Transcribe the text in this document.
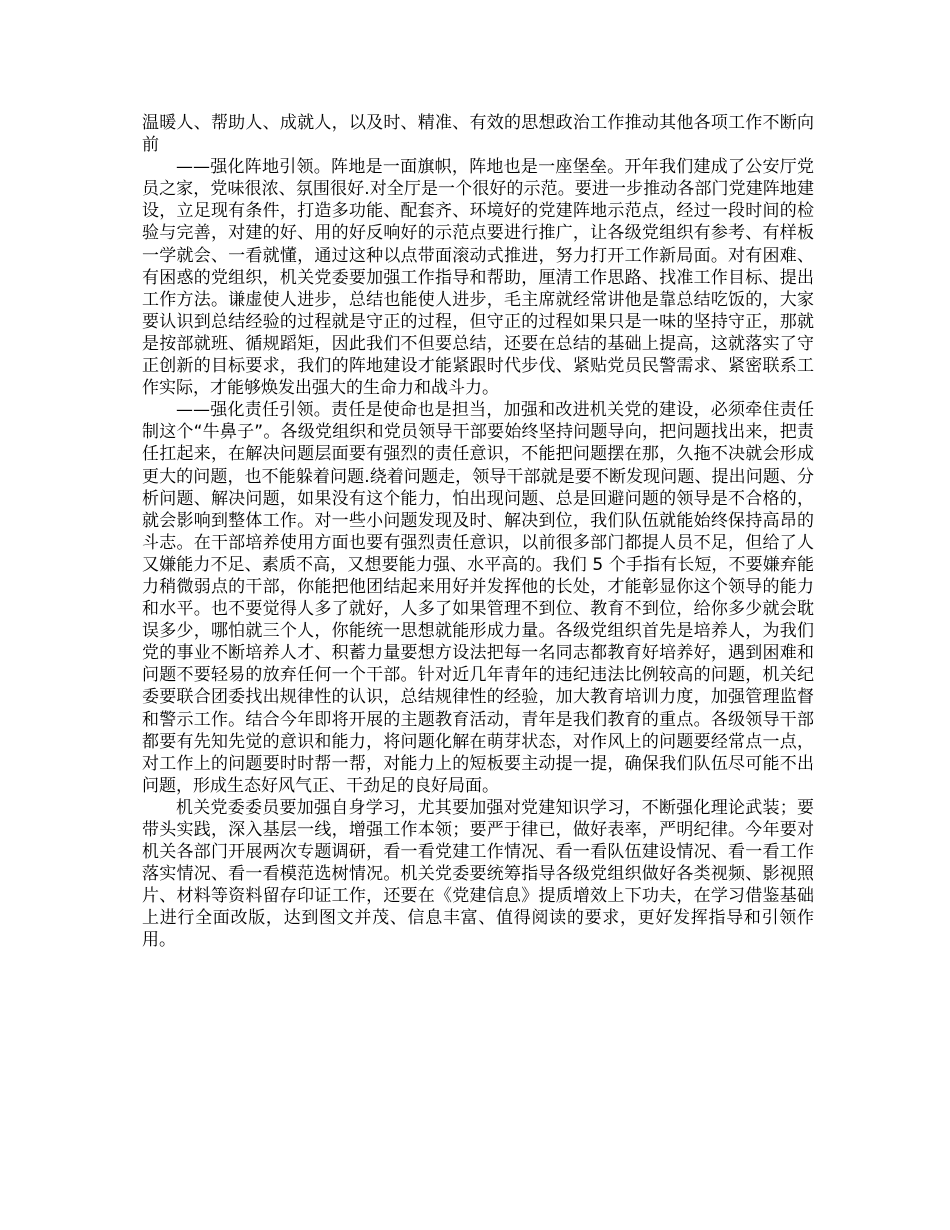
温暖人、帮助人、成就人，以及时、精准、有效的思想政治工作推动其他各项工作不断向前

——强化阵地引领。阵地是一面旗帜，阵地也是一座堡垒。开年我们建成了公安厅党员之家，党味很浓、氛围很好.对全厅是一个很好的示范。要进一步推动各部门党建阵地建设，立足现有条件，打造多功能、配套齐、环境好的党建阵地示范点，经过一段时间的检验与完善，对建的好、用的好反响好的示范点要进行推广，让各级党组织有参考、有样板一学就会、一看就懂，通过这种以点带面滚动式推进，努力打开工作新局面。对有困难、有困惑的党组织，机关党委要加强工作指导和帮助，厘清工作思路、找准工作目标、提出工作方法。谦虚使人进步，总结也能使人进步，毛主席就经常讲他是靠总结吃饭的，大家要认识到总结经验的过程就是守正的过程，但守正的过程如果只是一味的坚持守正，那就是按部就班、循规蹈矩，因此我们不但要总结，还要在总结的基础上提高，这就落实了守正创新的目标要求，我们的阵地建设才能紧跟时代步伐、紧贴党员民警需求、紧密联系工作实际，才能够焕发出强大的生命力和战斗力。

——强化责任引领。责任是使命也是担当，加强和改进机关党的建设，必须牵住责任制这个“牛鼻子”。各级党组织和党员领导干部要始终坚持问题导向，把问题找出来，把责任扛起来，在解决问题层面要有强烈的责任意识，不能把问题摆在那，久拖不决就会形成更大的问题，也不能躲着问题.绕着问题走，领导干部就是要不断发现问题、提出问题、分析问题、解决问题，如果没有这个能力，怕出现问题、总是回避问题的领导是不合格的，就会影响到整体工作。对一些小问题发现及时、解决到位，我们队伍就能始终保持高昂的斗志。在干部培养使用方面也要有强烈责任意识，以前很多部门都提人员不足，但给了人又嫌能力不足、素质不高，又想要能力强、水平高的。我们 5 个手指有长短，不要嫌弃能力稍微弱点的干部，你能把他团结起来用好并发挥他的长处，才能彰显你这个领导的能力和水平。也不要觉得人多了就好，人多了如果管理不到位、教育不到位，给你多少就会耽误多少，哪怕就三个人，你能统一思想就能形成力量。各级党组织首先是培养人，为我们党的事业不断培养人才、积蓄力量要想方设法把每一名同志都教育好培养好，遇到困难和问题不要轻易的放弃任何一个干部。针对近几年青年的违纪违法比例较高的问题，机关纪委要联合团委找出规律性的认识，总结规律性的经验，加大教育培训力度，加强管理监督和警示工作。结合今年即将开展的主题教育活动，青年是我们教育的重点。各级领导干部都要有先知先觉的意识和能力，将问题化解在萌芽状态，对作风上的问题要经常点一点，对工作上的问题要时时帮一帮，对能力上的短板要主动提一提，确保我们队伍尽可能不出问题，形成生态好风气正、干劲足的良好局面。

机关党委委员要加强自身学习，尤其要加强对党建知识学习，不断强化理论武装；要带头实践，深入基层一线，增强工作本领；要严于律已，做好表率，严明纪律。今年要对机关各部门开展两次专题调研，看一看党建工作情况、看一看队伍建设情况、看一看工作落实情况、看一看模范选树情况。机关党委要统筹指导各级党组织做好各类视频、影视照片、材料等资料留存印证工作，还要在《党建信息》提质增效上下功夫，在学习借鉴基础上进行全面改版，达到图文并茂、信息丰富、值得阅读的要求，更好发挥指导和引领作用。
